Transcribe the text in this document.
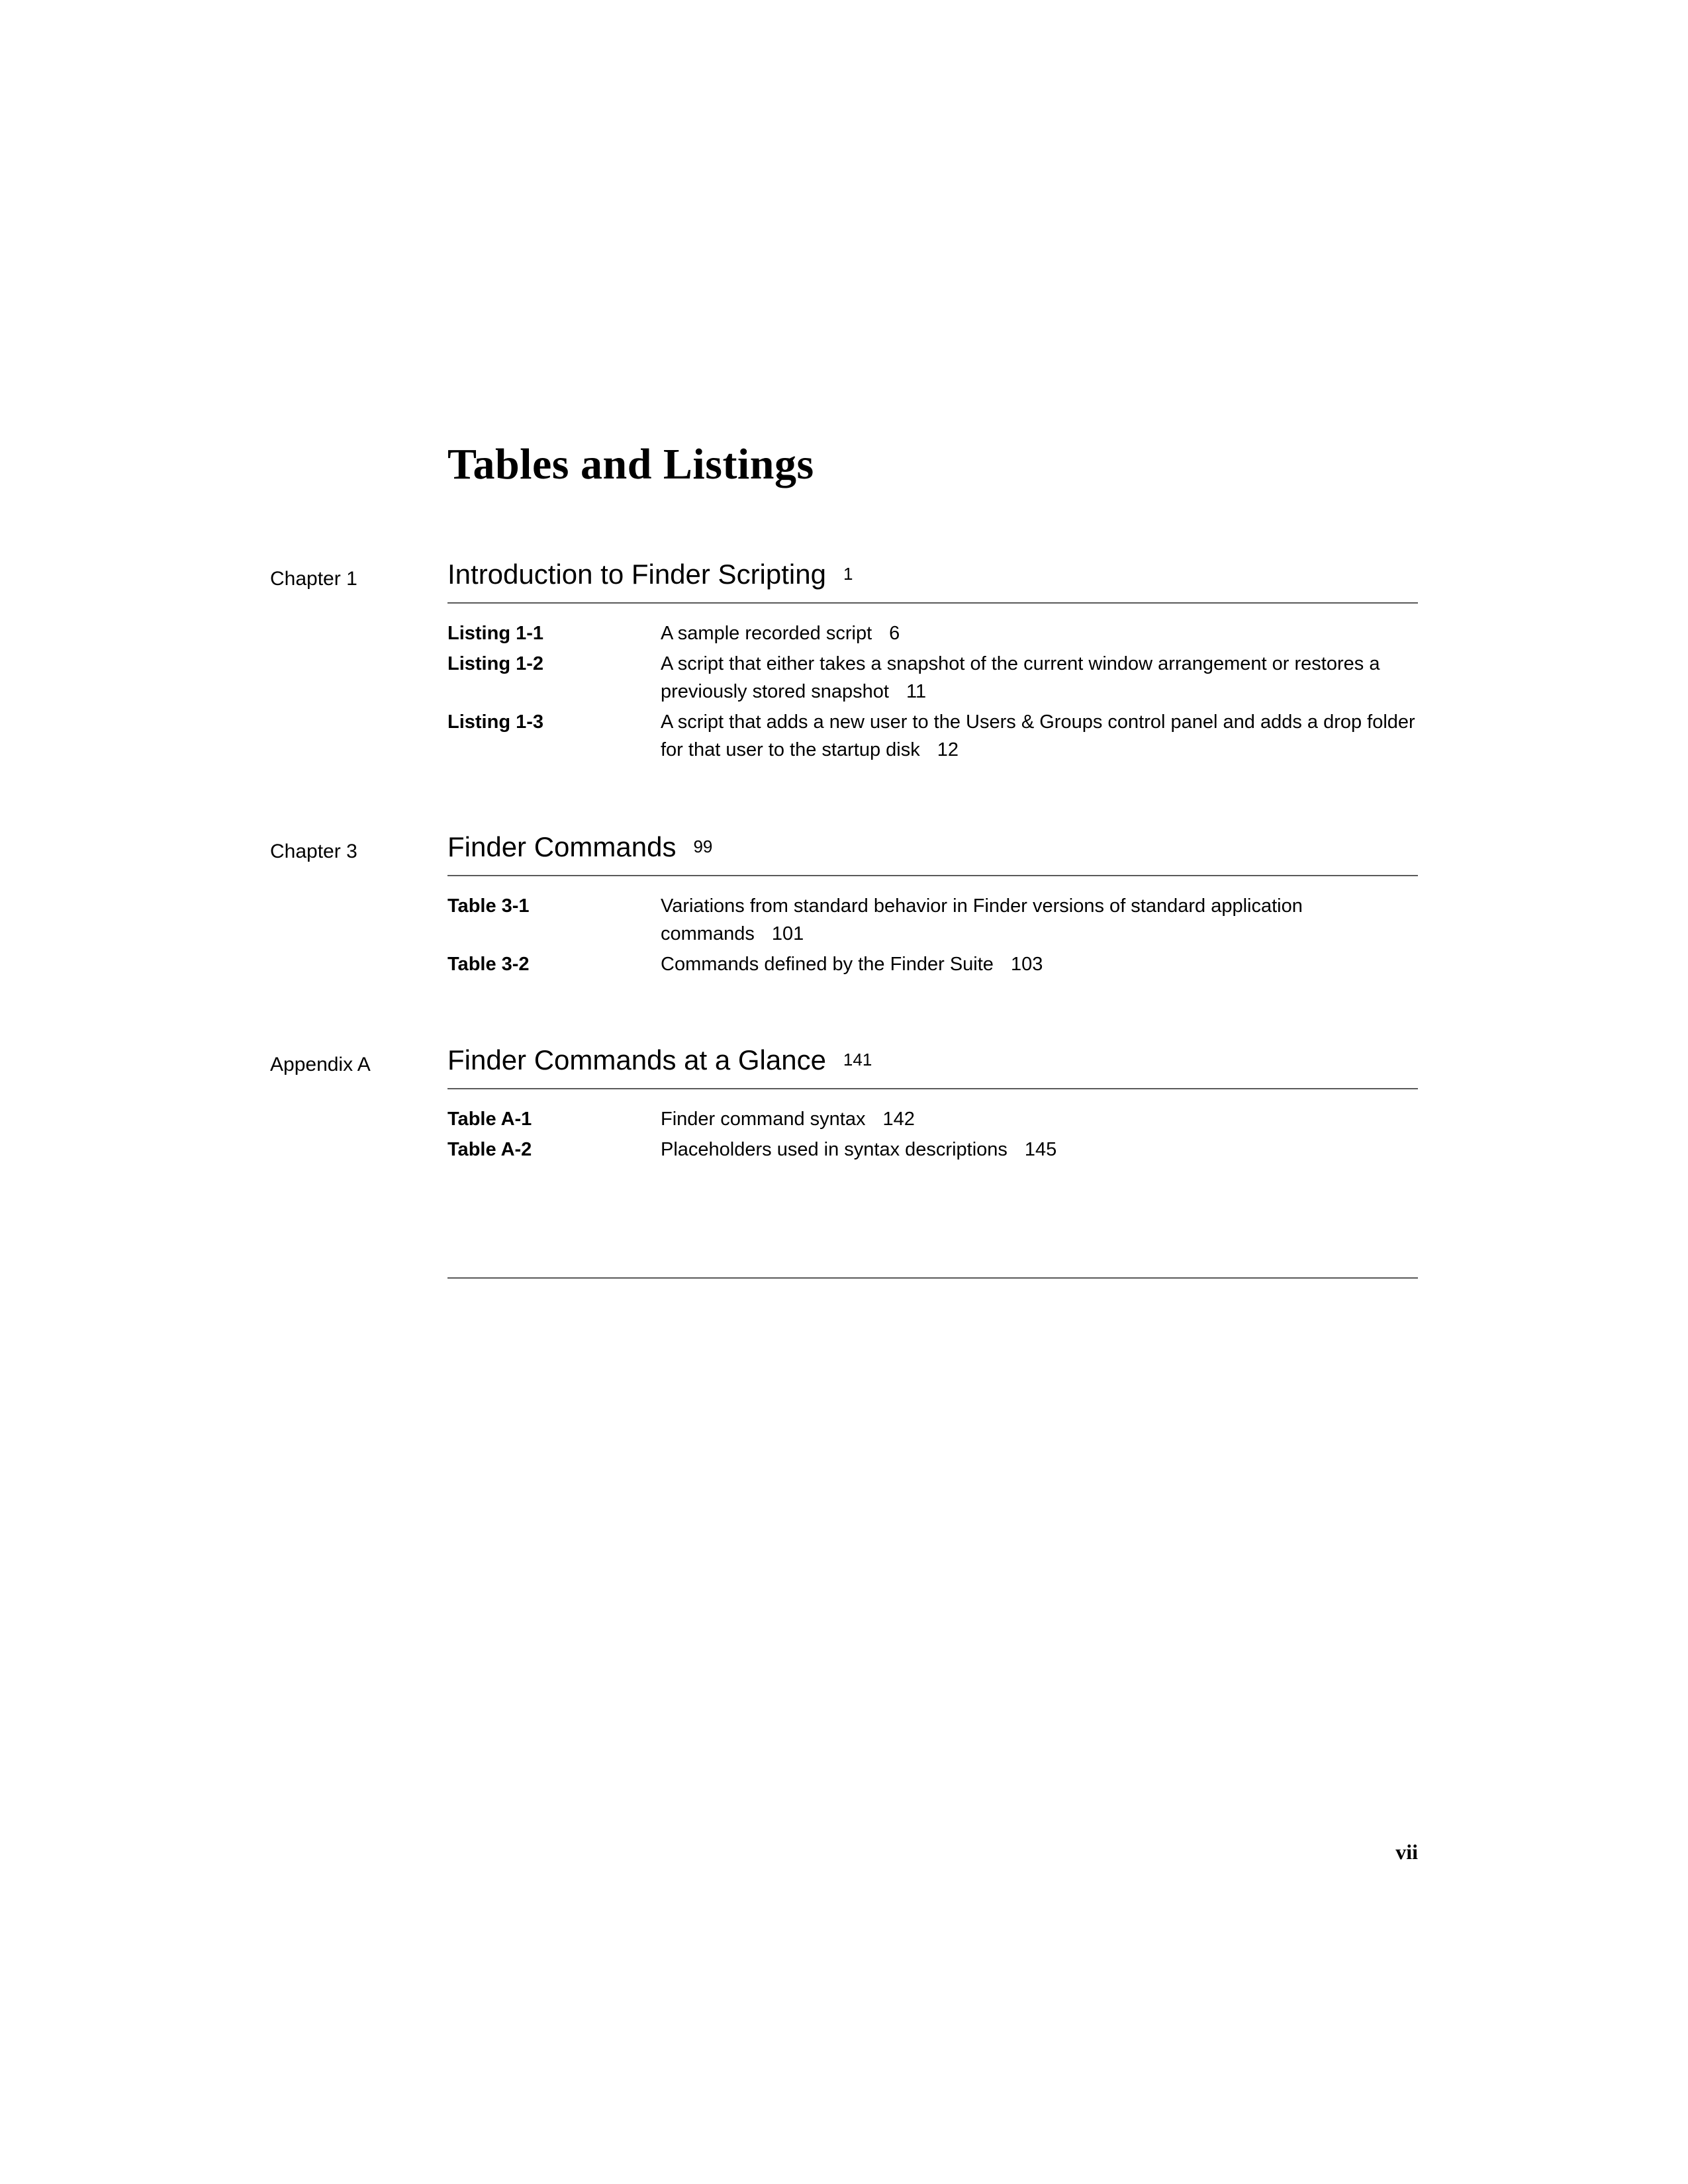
Tables and Listings
Chapter 1	Introduction to Finder Scripting 1
Listing 1-1	A sample recorded script 6
Listing 1-2	A script that either takes a snapshot of the current window arrangement or restores a previously stored snapshot 11
Listing 1-3	A script that adds a new user to the Users & Groups control panel and adds a drop folder for that user to the startup disk 12
Chapter 3	Finder Commands 99
Table 3-1	Variations from standard behavior in Finder versions of standard application commands 101
Table 3-2	Commands defined by the Finder Suite 103
Appendix A	Finder Commands at a Glance 141
Table A-1	Finder command syntax 142
Table A-2	Placeholders used in syntax descriptions 145
vii
